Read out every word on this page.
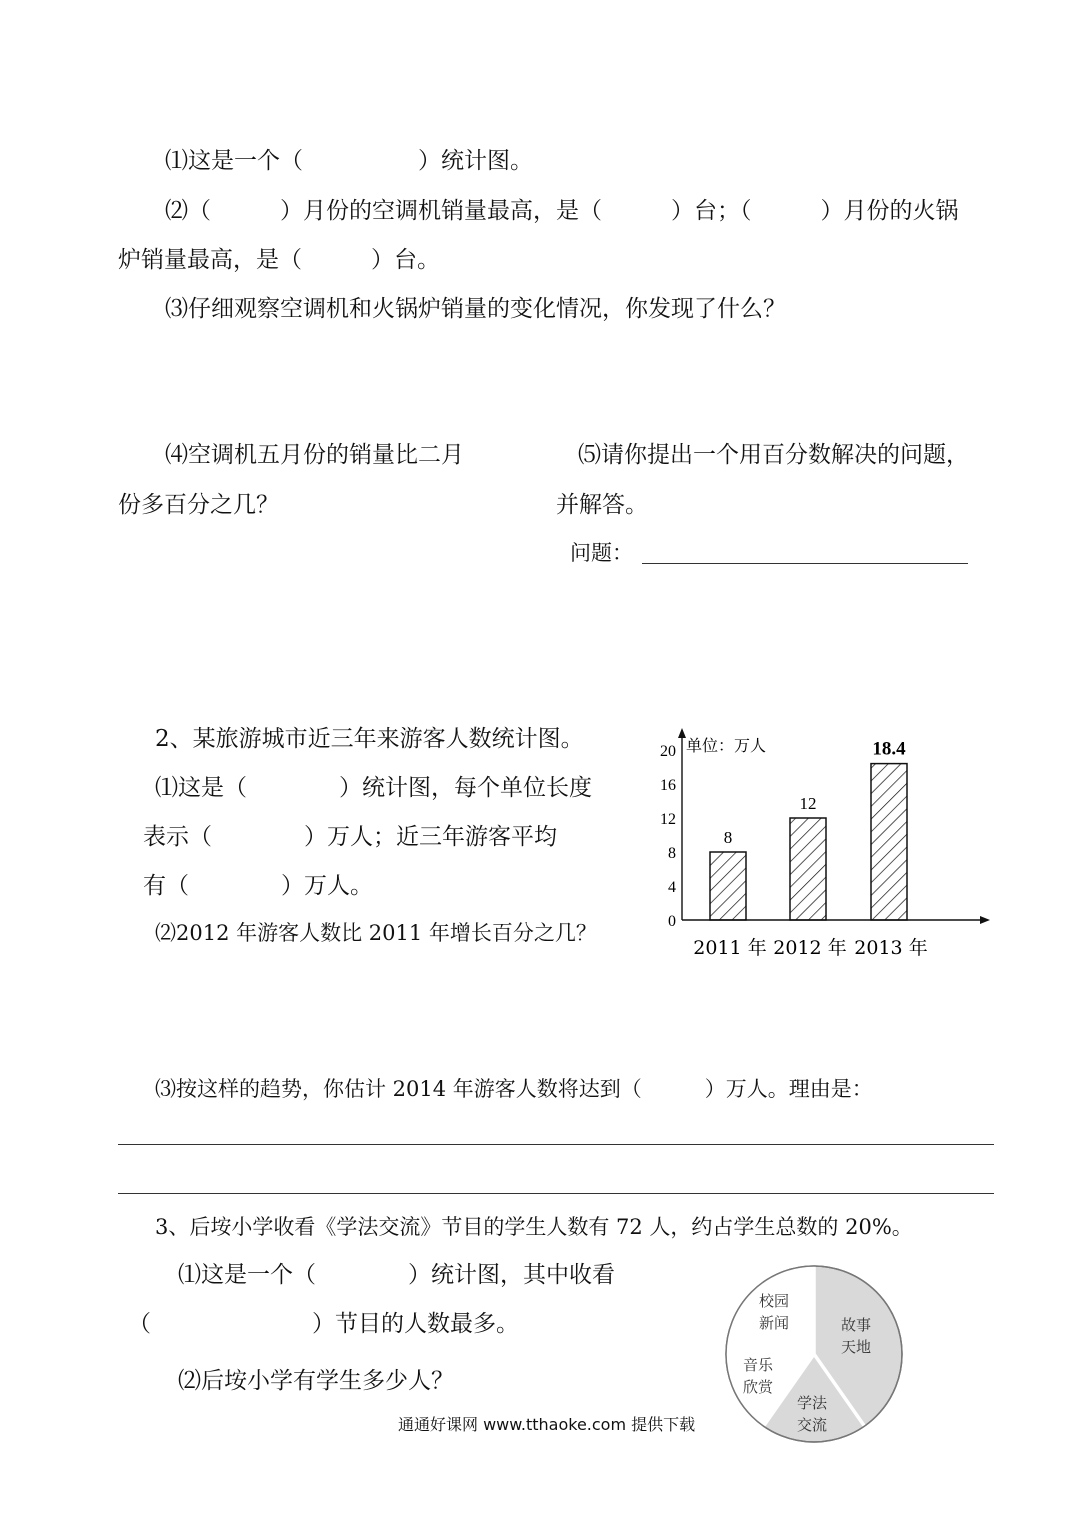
⑴这是一个（　　　　　）统计图。
⑵（　　　）月份的空调机销量最高，是（　　　）台；（　　　）月份的火锅
炉销量最高，是（　　　）台。
⑶仔细观察空调机和火锅炉销量的变化情况，你发现了什么？
⑷空调机五月份的销量比二月
份多百分之几？
⑸请你提出一个用百分数解决的问题，
并解答。
问题：
2、某旅游城市近三年来游客人数统计图。
⑴这是（　　　　）统计图，每个单位长度
表示（　　　　）万人；近三年游客平均
有（　　　　）万人。
⑵2012 年游客人数比 2011 年增长百分之几？
⑶按这样的趋势，你估计 2014 年游客人数将达到（　　　）万人。理由是：
0
4
8
12
16
20 单位：万人
8
2011 年
12
2012 年
18.4
2013 年
3、后垵小学收看《学法交流》节目的学生人数有 72 人，约占学生总数的 20%。
⑴这是一个（　　　　）统计图，其中收看
（　　　　　　　）节目的人数最多。
⑵后垵小学有学生多少人？
故事
天地
学法
交流
音乐
欣赏
校园
新闻
通通好课网 www.tthaoke.com 提供下载
